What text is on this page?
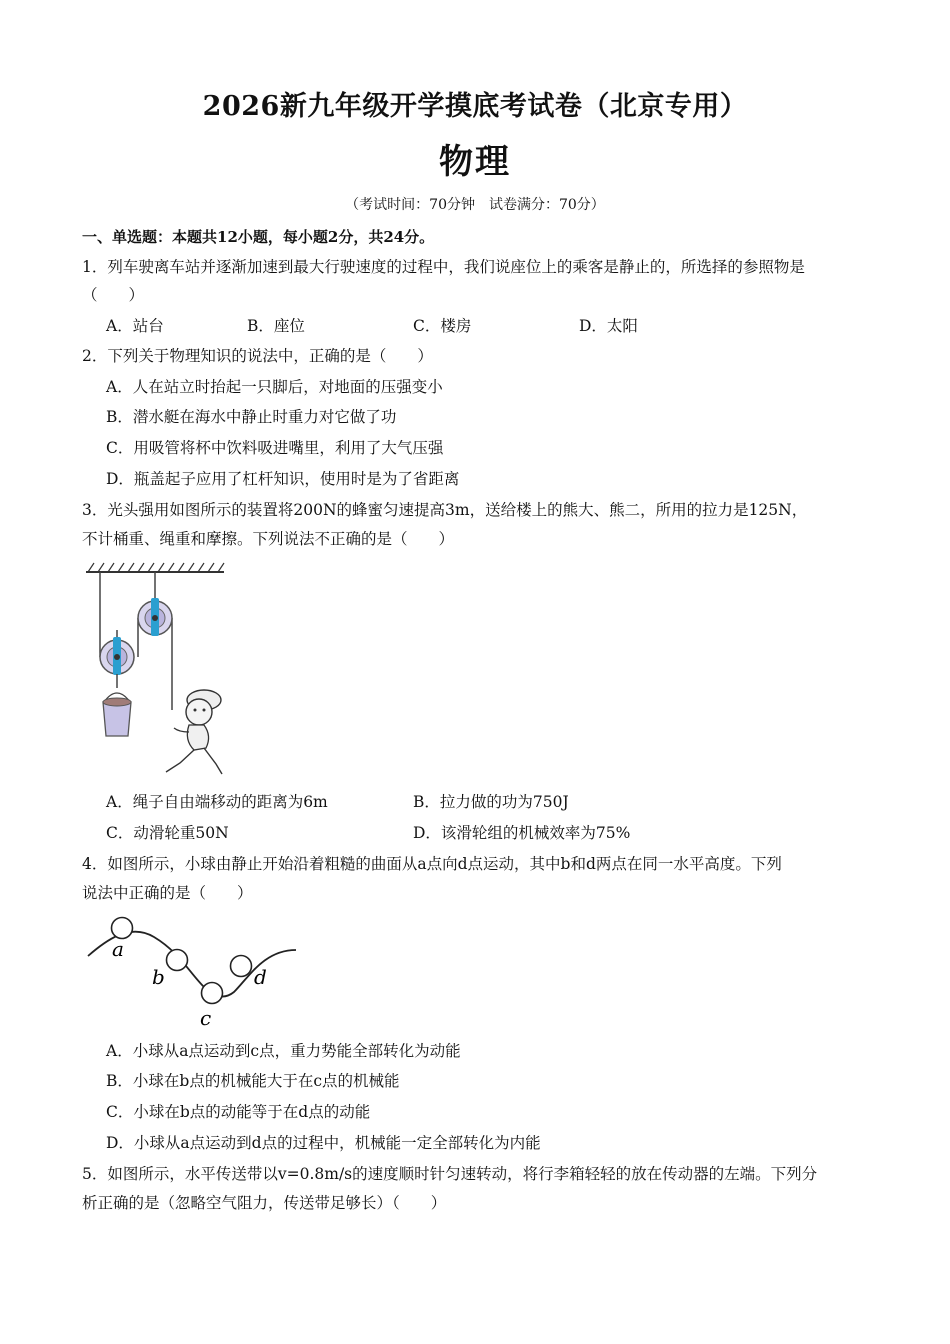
2026新九年级开学摸底考试卷（北京专用）
物理
（考试时间：70分钟　试卷满分：70分）
一、单选题：本题共12小题，每小题2分，共24分。
1．列车驶离车站并逐渐加速到最大行驶速度的过程中，我们说座位上的乘客是静止的，所选择的参照物是
（　　）
A．站台	B．座位	C．楼房	D．太阳
2．下列关于物理知识的说法中，正确的是（　　）
A．人在站立时抬起一只脚后，对地面的压强变小
B．潜水艇在海水中静止时重力对它做了功
C．用吸管将杯中饮料吸进嘴里，利用了大气压强
D．瓶盖起子应用了杠杆知识，使用时是为了省距离
3．光头强用如图所示的装置将200N的蜂蜜匀速提高3m，送给楼上的熊大、熊二，所用的拉力是125N，
不计桶重、绳重和摩擦。下列说法不正确的是（　　）
A．绳子自由端移动的距离为6m	B．拉力做的功为750J
C．动滑轮重50N	D．该滑轮组的机械效率为75%
4．如图所示，小球由静止开始沿着粗糙的曲面从a点向d点运动，其中b和d两点在同一水平高度。下列
说法中正确的是（　　）
a
b
c
d
A．小球从a点运动到c点，重力势能全部转化为动能
B．小球在b点的机械能大于在c点的机械能
C．小球在b点的动能等于在d点的动能
D．小球从a点运动到d点的过程中，机械能一定全部转化为内能
5．如图所示，水平传送带以v=0.8m/s的速度顺时针匀速转动，将行李箱轻轻的放在传动器的左端。下列分
析正确的是（忽略空气阻力，传送带足够长）（　　）
